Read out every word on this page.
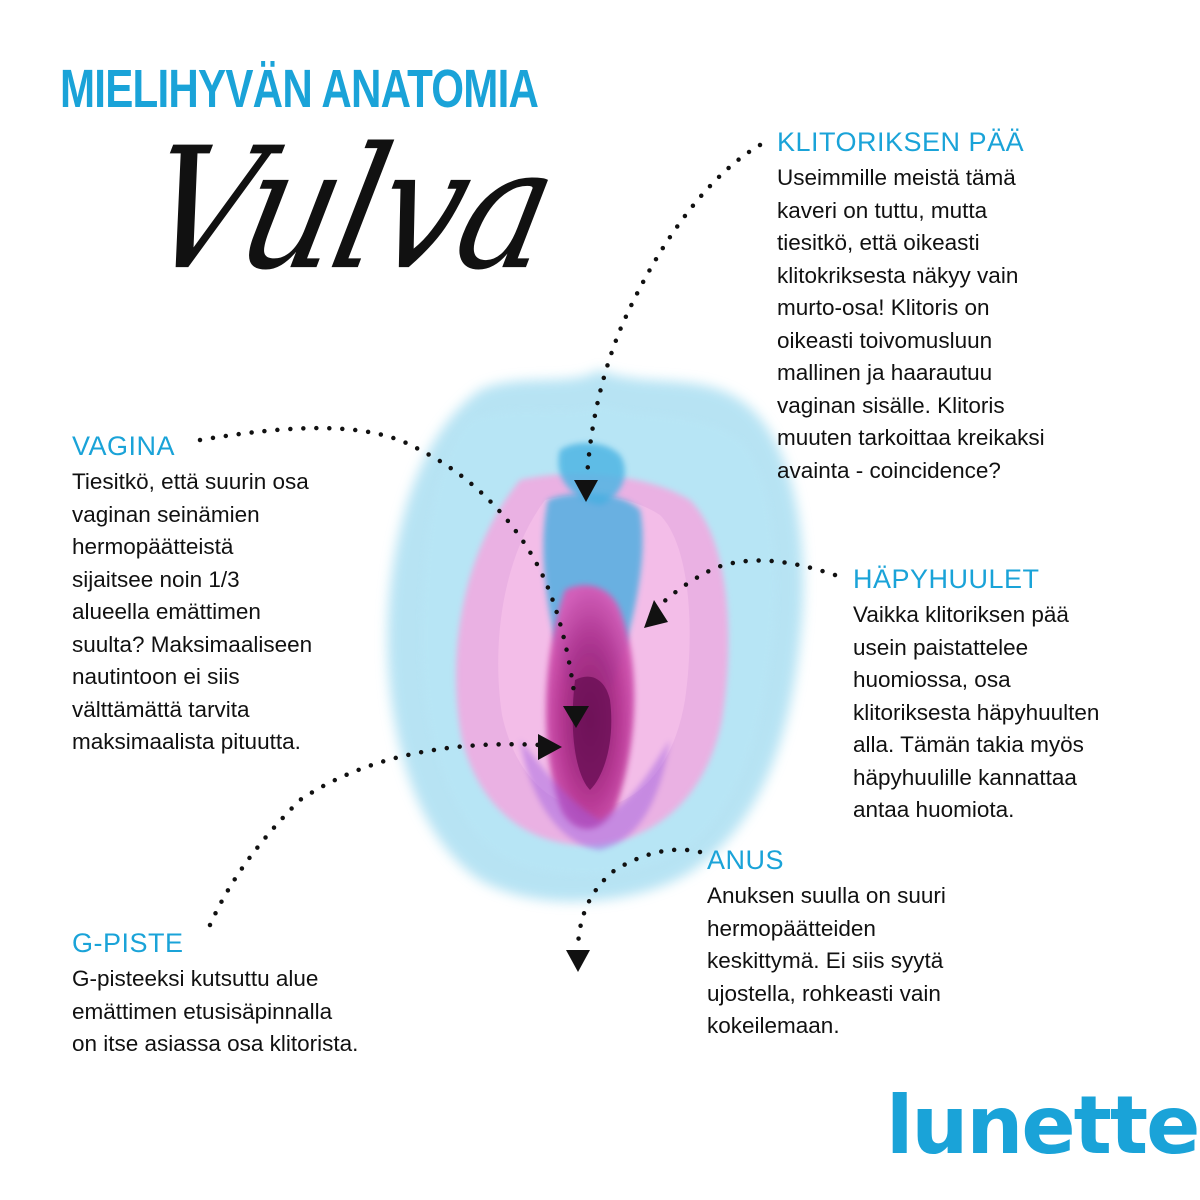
MIELIHYVÄN ANATOMIA
Vulva	KLITORIKSEN PÄÄ

Useimmille meistä tämä
kaveri on tuttu, mutta
tiesitkö, että oikeasti
klitokriksesta näkyy vain
murto-osa! Klitoris on
oikeasti toivomusluun
mallinen ja haarautuu
vaginan sisälle. Klitoris
muuten tarkoittaa kreikaksi
avainta - coincidence?

VAGINA

Tiesitkö, että suurin osa
vaginan seinämien
hermopäätteistä
sijaitsee noin 1/3
alueella emättimen
suulta? Maksimaaliseen
nautintoon ei siis
välttämättä tarvita
maksimaalista pituutta.

HÄPYHUULET

Vaikka klitoriksen pää
usein paistattelee
huomiossa, osa
klitoriksesta häpyhuulten
alla. Tämän takia myös
häpyhuulille kannattaa
antaa huomiota.

ANUS

Anuksen suulla on suuri
hermopäätteiden
keskittymä. Ei siis syytä
ujostella, rohkeasti vain
kokeilemaan.

G-PISTE

G-pisteeksi kutsuttu alue
emättimen etusisäpinnalla
on itse asiassa osa klitorista.

lunette
